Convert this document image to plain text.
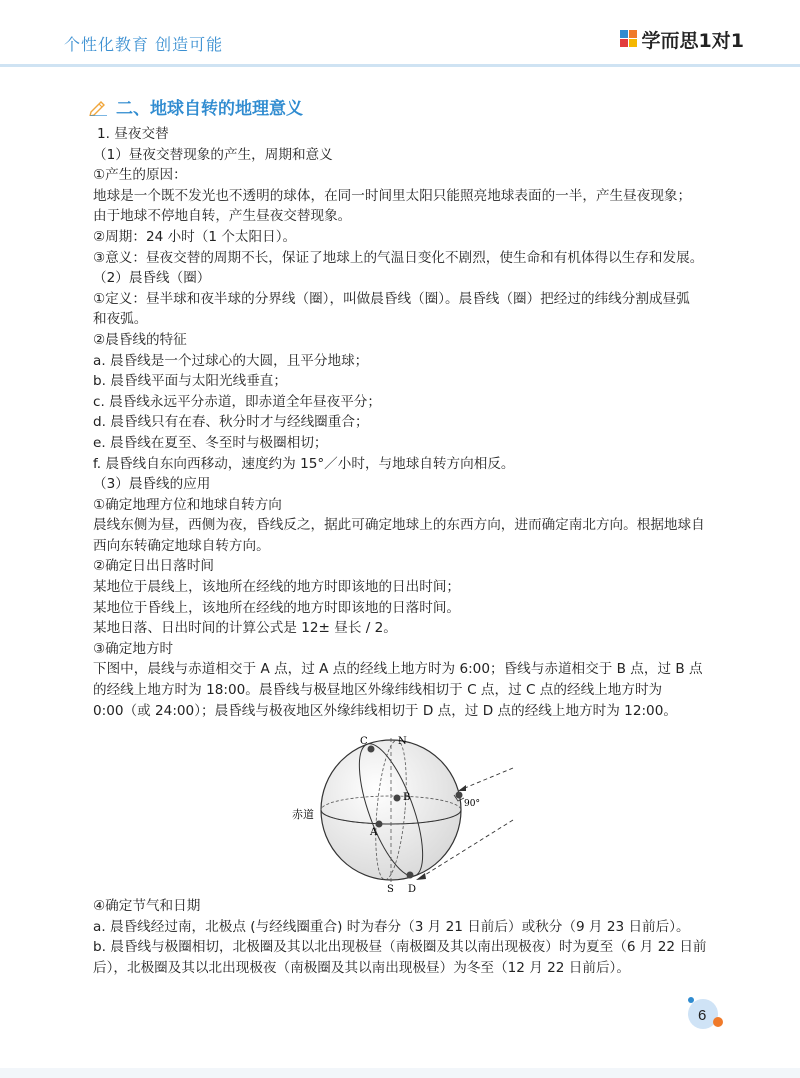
个性化教育 创造可能	学而思1对1
二、地球自转的地理意义

1. 昼夜交替

（1）昼夜交替现象的产生，周期和意义

①产生的原因：

地球是一个既不发光也不透明的球体，在同一时间里太阳只能照亮地球表面的一半，产生昼夜现象；

由于地球不停地自转，产生昼夜交替现象。

②周期：24 小时（1 个太阳日）。

③意义：昼夜交替的周期不长，保证了地球上的气温日变化不剧烈，使生命和有机体得以生存和发展。

（2）晨昏线（圈）

①定义：昼半球和夜半球的分界线（圈），叫做晨昏线（圈）。晨昏线（圈）把经过的纬线分割成昼弧

和夜弧。

②晨昏线的特征

a. 晨昏线是一个过球心的大圆，且平分地球；

b. 晨昏线平面与太阳光线垂直；

c. 晨昏线永远平分赤道，即赤道全年昼夜平分；

d. 晨昏线只有在春、秋分时才与经线圈重合；

e. 晨昏线在夏至、冬至时与极圈相切；

f. 晨昏线自东向西移动，速度约为 15°／小时，与地球自转方向相反。

（3）晨昏线的应用

①确定地理方位和地球自转方向

晨线东侧为昼，西侧为夜，昏线反之，据此可确定地球上的东西方向，进而确定南北方向。根据地球自

西向东转确定地球自转方向。

②确定日出日落时间

某地位于晨线上，该地所在经线的地方时即该地的日出时间；

某地位于昏线上，该地所在经线的地方时即该地的日落时间。

某地日落、日出时间的计算公式是 12± 昼长 / 2。

③确定地方时

下图中，晨线与赤道相交于 A 点，过 A 点的经线上地方时为 6:00；昏线与赤道相交于 B 点，过 B 点

的经线上地方时为 18:00。晨昏线与极昼地区外缘纬线相切于 C 点，过 C 点的经线上地方时为

0:00（或 24:00）；晨昏线与极夜地区外缘纬线相切于 D 点，过 D 点的经线上地方时为 12:00。

C	N
B
A
S D
90°
赤道

④确定节气和日期

a. 晨昏线经过南，北极点 (与经线圈重合) 时为春分（3 月 21 日前后）或秋分（9 月 23 日前后）。

b. 晨昏线与极圈相切，北极圈及其以北出现极昼（南极圈及其以南出现极夜）时为夏至（6 月 22 日前后），北极圈及其以北出现极夜（南极圈及其以南出现极昼）为冬至（12 月 22 日前后）。

6
